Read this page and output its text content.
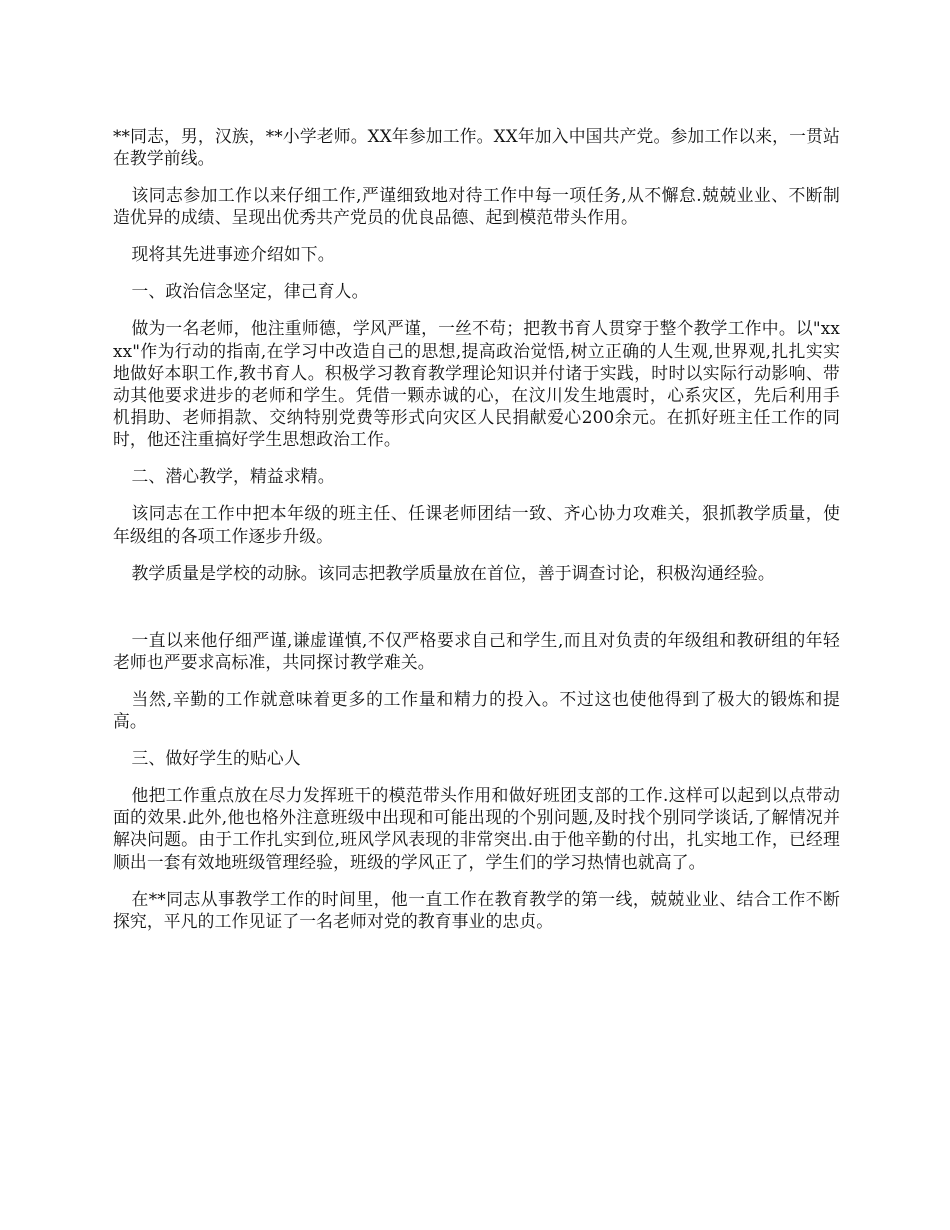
**同志，男，汉族，**小学老师。XX年参加工作。XX年加入中国共产党。参加工作以来，一贯站在教学前线。

该同志参加工作以来仔细工作,严谨细致地对待工作中每一项任务,从不懈怠.兢兢业业、不断制造优异的成绩、呈现出优秀共产党员的优良品德、起到模范带头作用。

现将其先进事迹介绍如下。

一、政治信念坚定，律己育人。

做为一名老师，他注重师德，学风严谨，一丝不苟；把教书育人贯穿于整个教学工作中。以"xxxx"作为行动的指南,在学习中改造自己的思想,提高政治觉悟,树立正确的人生观,世界观,扎扎实实地做好本职工作,教书育人。积极学习教育教学理论知识并付诸于实践，时时以实际行动影响、带动其他要求进步的老师和学生。凭借一颗赤诚的心，在汶川发生地震时，心系灾区，先后利用手机捐助、老师捐款、交纳特别党费等形式向灾区人民捐献爱心200余元。在抓好班主任工作的同时，他还注重搞好学生思想政治工作。

二、潜心教学，精益求精。

该同志在工作中把本年级的班主任、任课老师团结一致、齐心协力攻难关，狠抓教学质量，使年级组的各项工作逐步升级。

教学质量是学校的动脉。该同志把教学质量放在首位，善于调查讨论，积极沟通经验。

一直以来他仔细严谨,谦虚谨慎,不仅严格要求自己和学生,而且对负责的年级组和教研组的年轻老师也严要求高标准，共同探讨教学难关。

当然,辛勤的工作就意味着更多的工作量和精力的投入。不过这也使他得到了极大的锻炼和提高。

三、做好学生的贴心人

他把工作重点放在尽力发挥班干的模范带头作用和做好班团支部的工作.这样可以起到以点带动面的效果.此外,他也格外注意班级中出现和可能出现的个别问题,及时找个别同学谈话,了解情况并解决问题。由于工作扎实到位,班风学风表现的非常突出.由于他辛勤的付出，扎实地工作，已经理顺出一套有效地班级管理经验，班级的学风正了，学生们的学习热情也就高了。

在**同志从事教学工作的时间里，他一直工作在教育教学的第一线，兢兢业业、结合工作不断探究，平凡的工作见证了一名老师对党的教育事业的忠贞。
